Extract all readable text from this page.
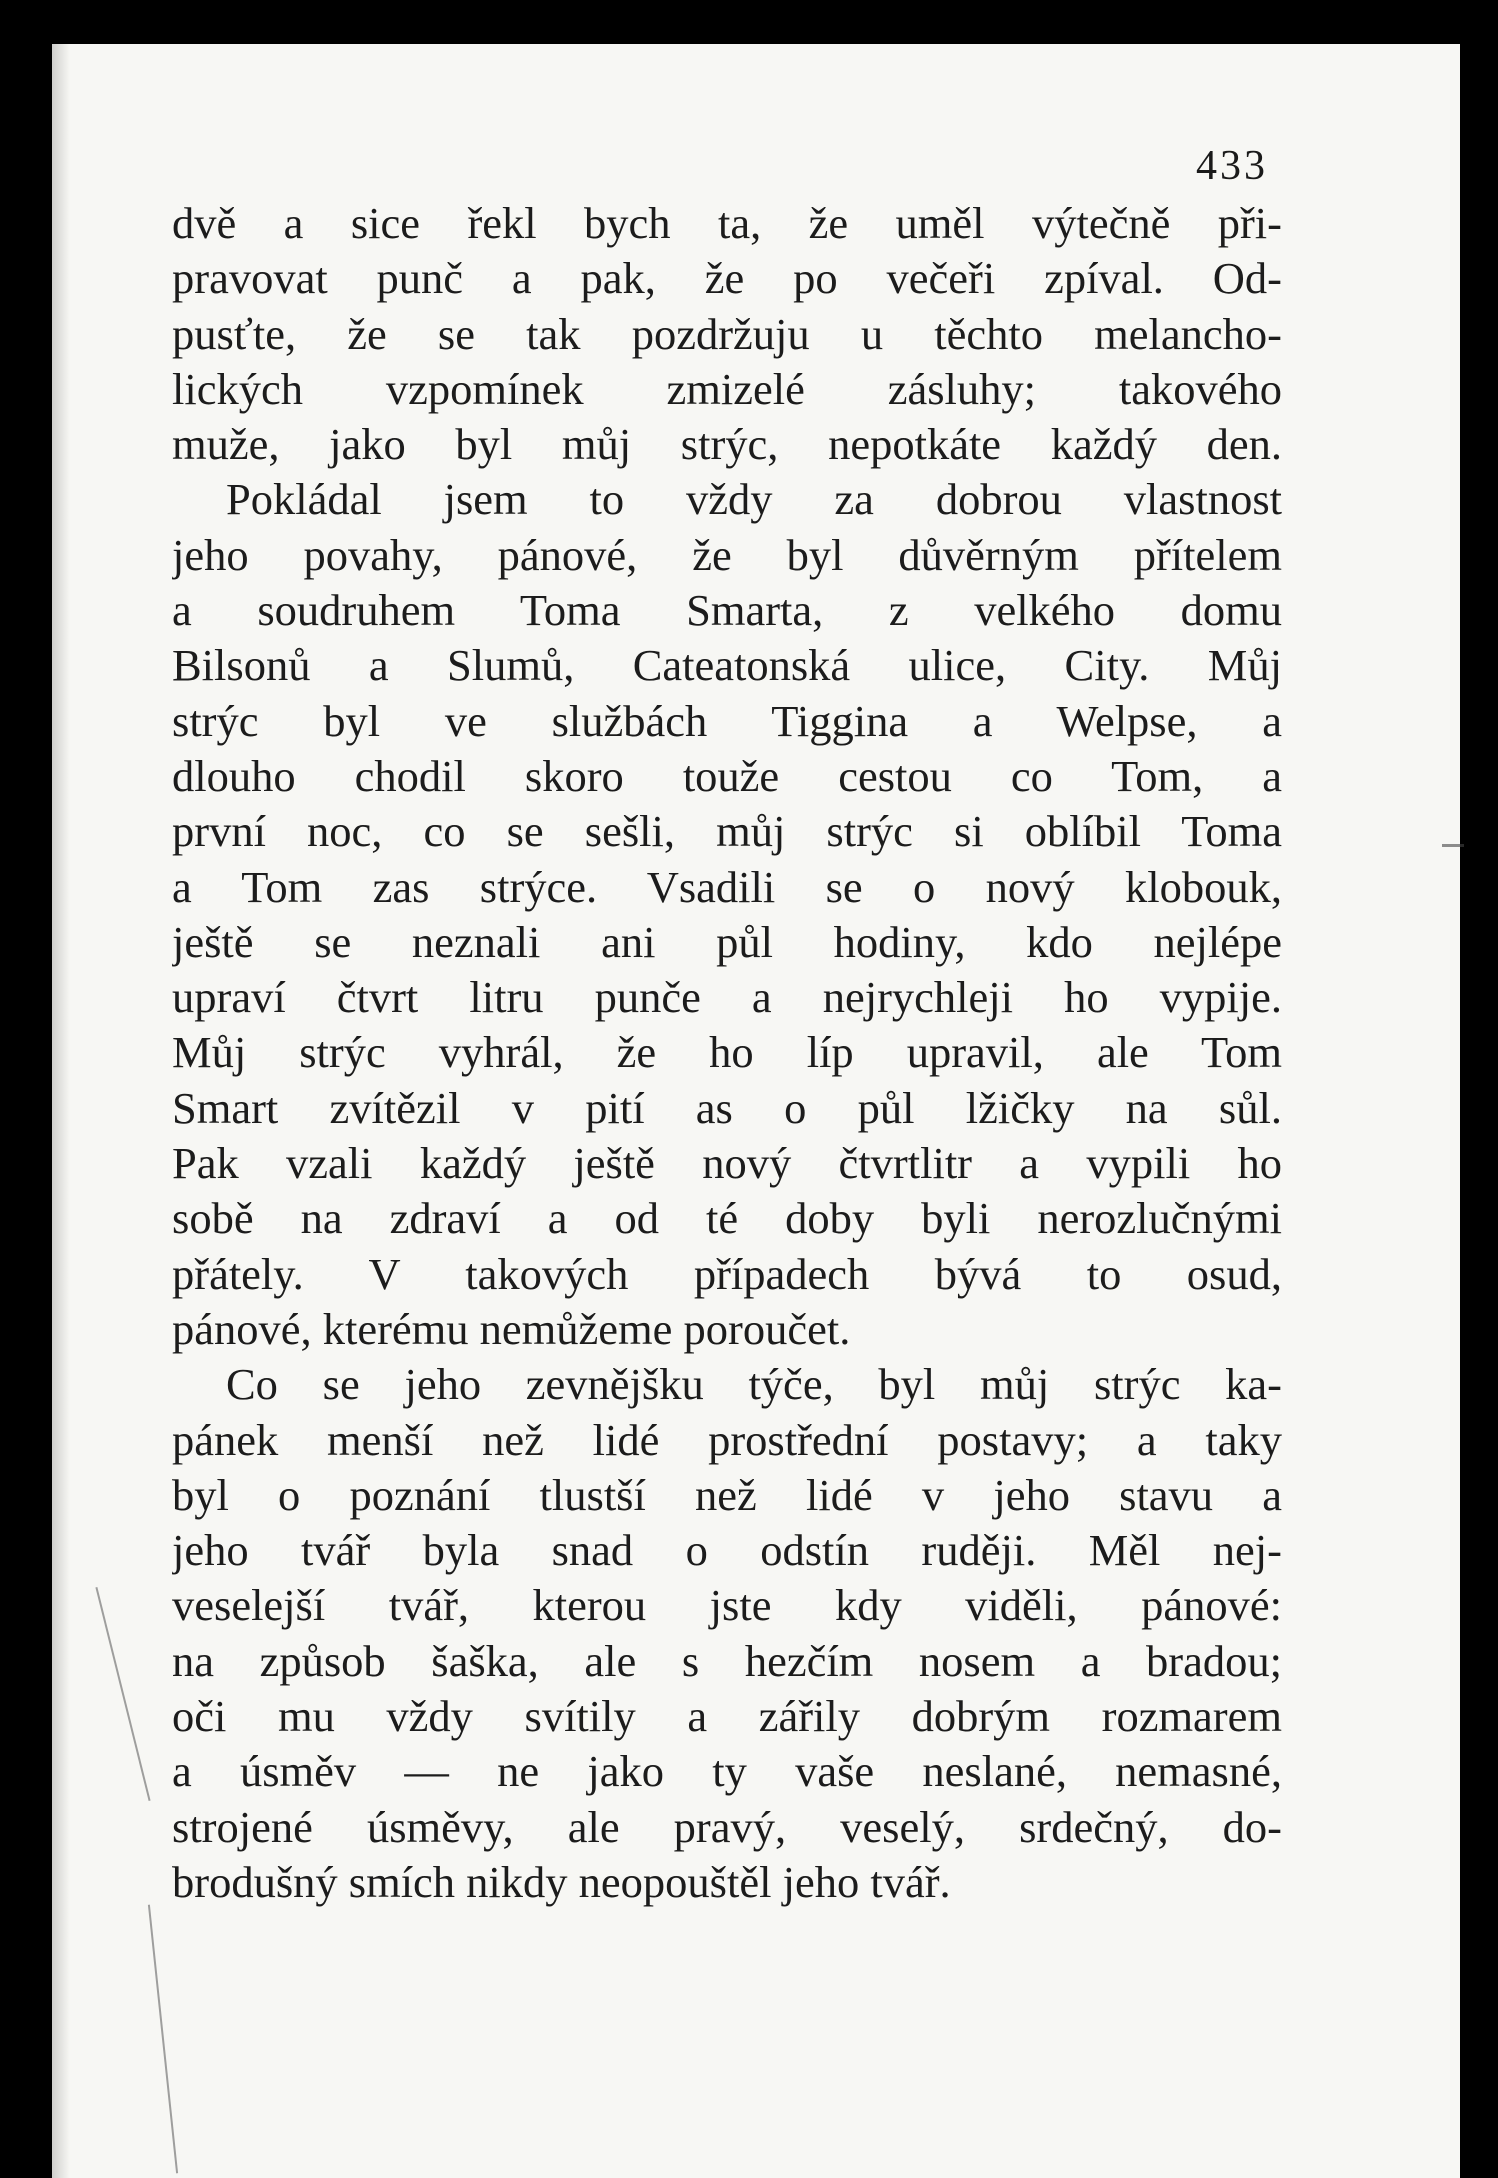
433
dvě a sice řekl bych ta, že uměl výtečně při-
pravovat punč a pak, že po večeři zpíval. Od-
pusťte, že se tak pozdržuju u těchto melancho-
lických vzpomínek zmizelé zásluhy; takového
muže, jako byl můj strýc, nepotkáte každý den.
Pokládal jsem to vždy za dobrou vlastnost
jeho povahy, pánové, že byl důvěrným přítelem
a soudruhem Toma Smarta, z velkého domu
Bilsonů a Slumů, Cateatonská ulice, City. Můj
strýc byl ve službách Tiggina a Welpse, a
dlouho chodil skoro touže cestou co Tom, a
první noc, co se sešli, můj strýc si oblíbil Toma
a Tom zas strýce. Vsadili se o nový klobouk,
ještě se neznali ani půl hodiny, kdo nejlépe
upraví čtvrt litru punče a nejrychleji ho vypije.
Můj strýc vyhrál, že ho líp upravil, ale Tom
Smart zvítězil v pití as o půl lžičky na sůl.
Pak vzali každý ještě nový čtvrtlitr a vypili ho
sobě na zdraví a od té doby byli nerozlučnými
přátely. V takových případech bývá to osud,
pánové, kterému nemůžeme poroučet.
Co se jeho zevnějšku týče, byl můj strýc ka-
pánek menší než lidé prostřední postavy; a taky
byl o poznání tlustší než lidé v jeho stavu a
jeho tvář byla snad o odstín ruději. Měl nej-
veselejší tvář, kterou jste kdy viděli, pánové:
na způsob šaška, ale s hezčím nosem a bradou;
oči mu vždy svítily a zářily dobrým rozmarem
a úsměv — ne jako ty vaše neslané, nemasné,
strojené úsměvy, ale pravý, veselý, srdečný, do-
brodušný smích nikdy neopouštěl jeho tvář.
